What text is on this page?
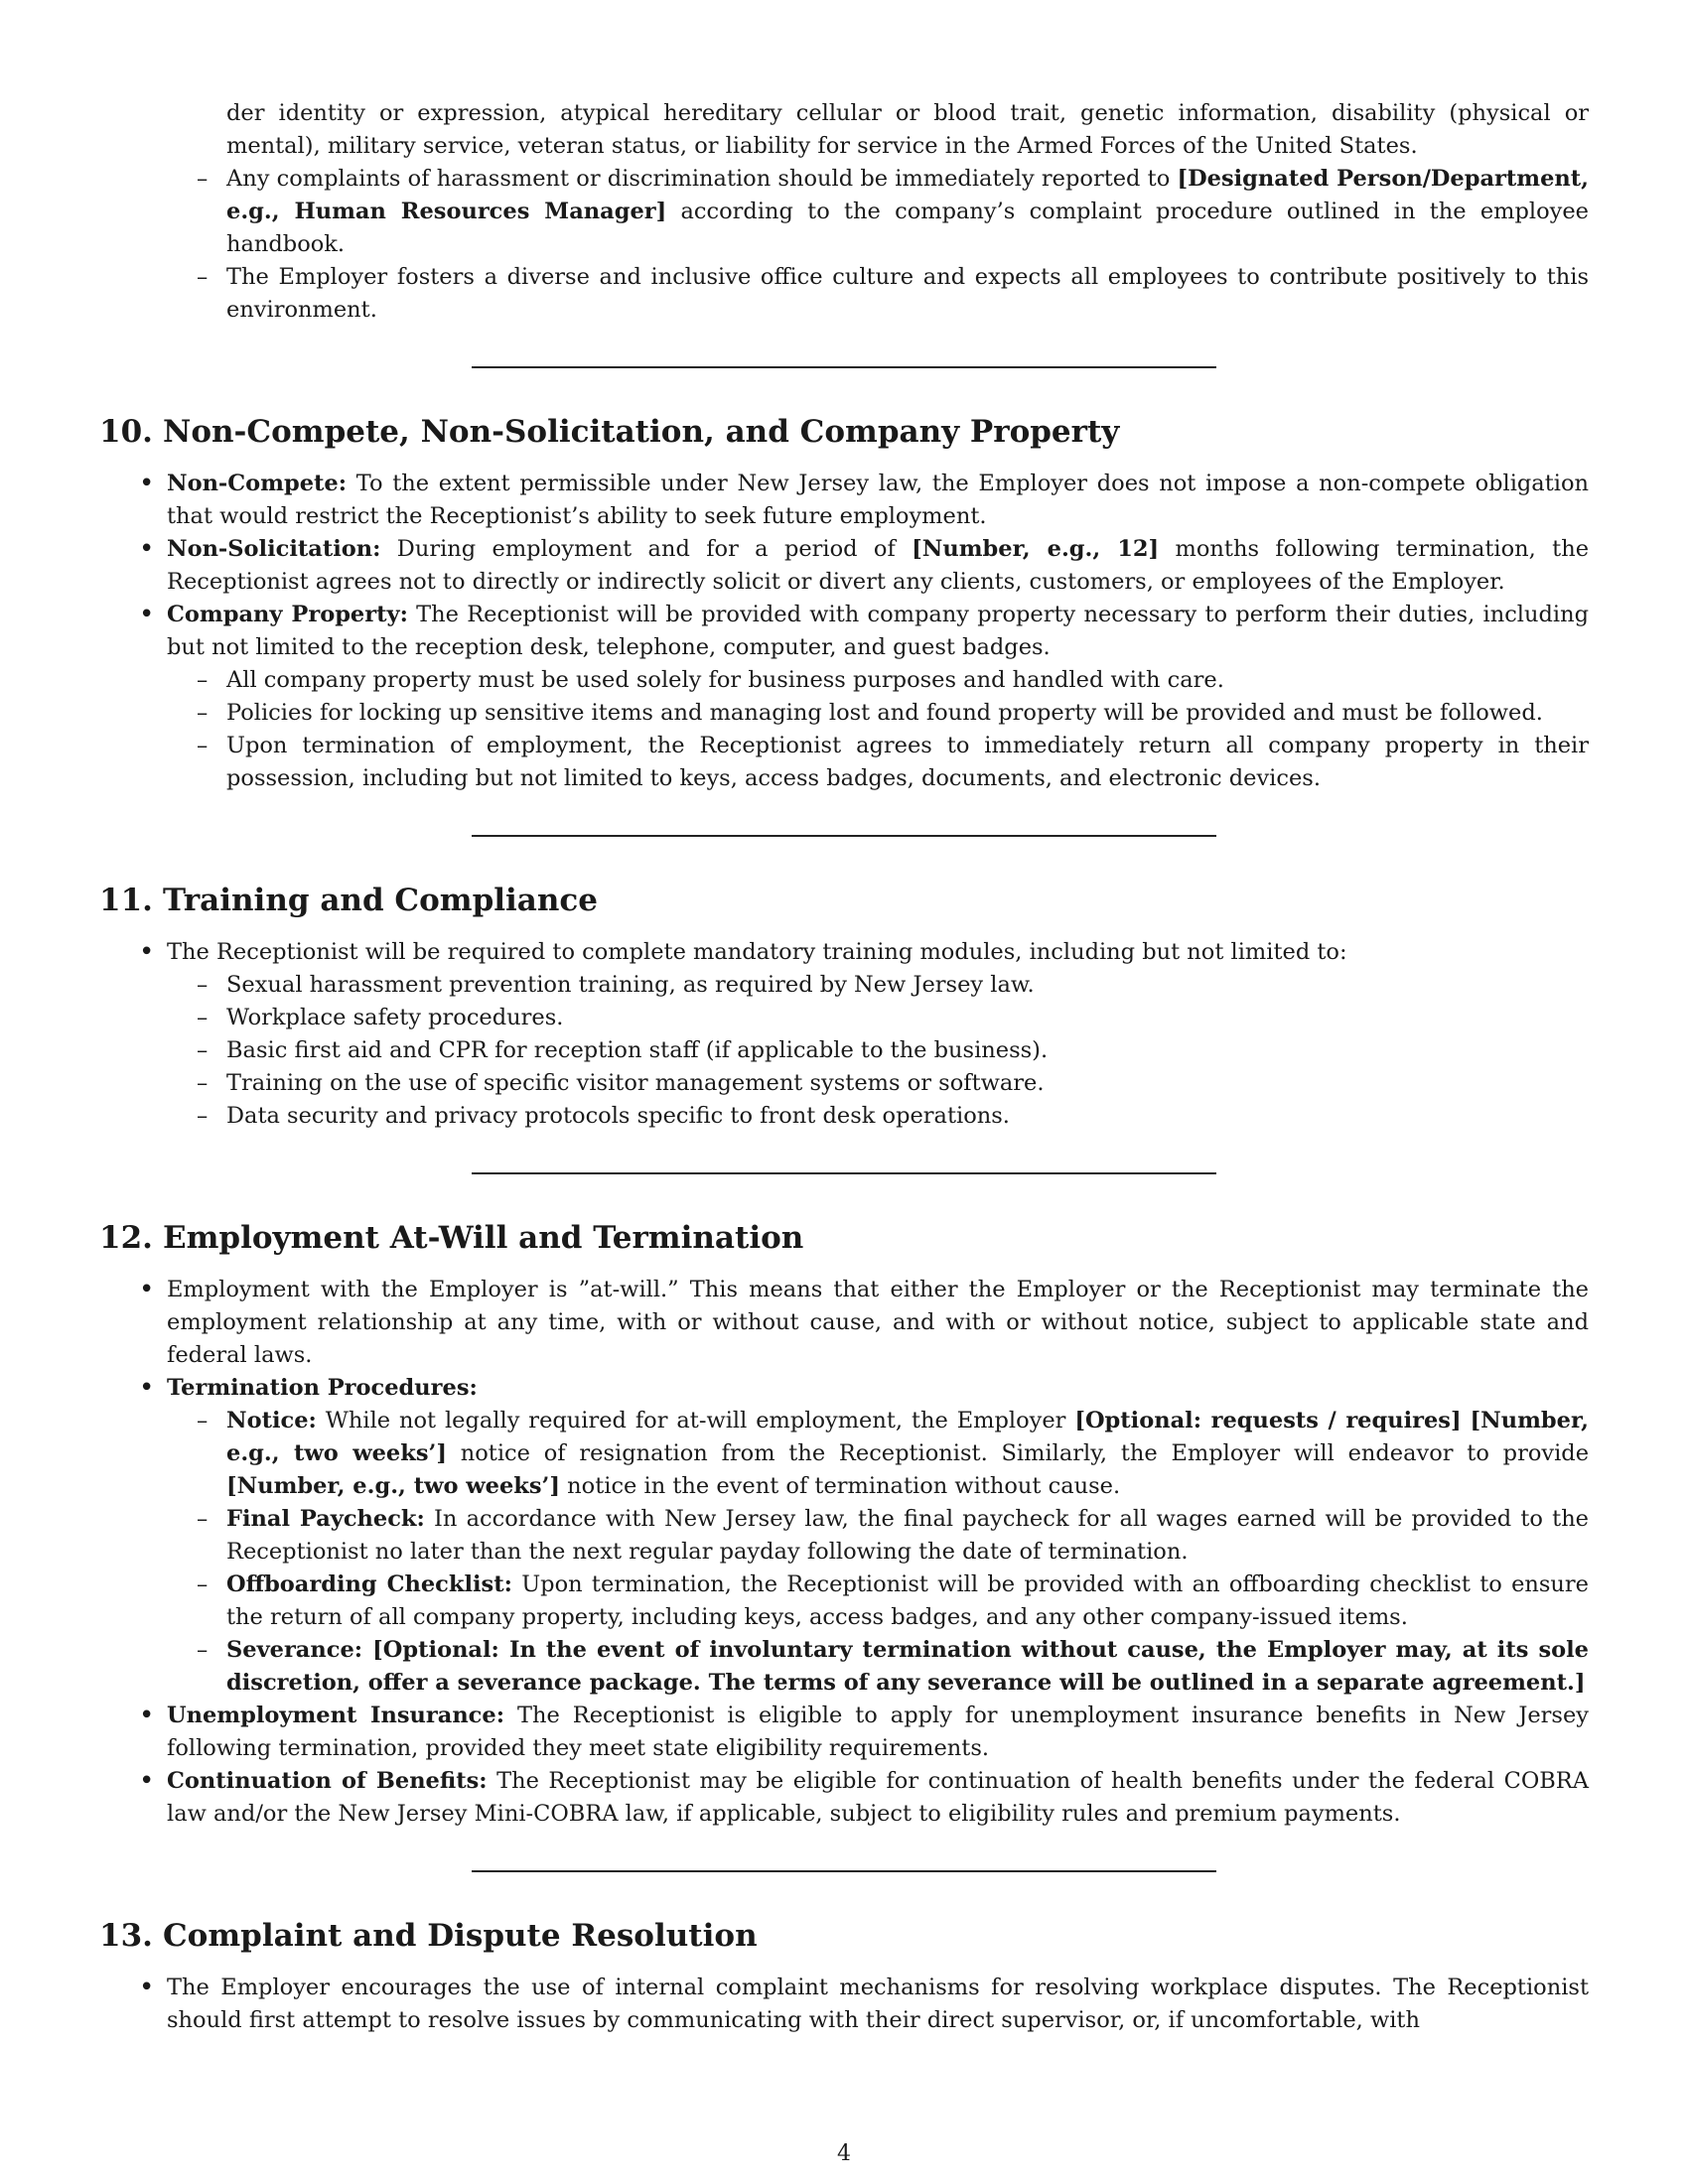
der identity or expression, atypical hereditary cellular or blood trait, genetic information, disability (physical or mental), military service, veteran status, or liability for service in the Armed Forces of the United States.
– Any complaints of harassment or discrimination should be immediately reported to [Designated Person/Department, e.g., Human Resources Manager] according to the company’s complaint procedure outlined in the employee handbook.
– The Employer fosters a diverse and inclusive office culture and expects all employees to contribute positively to this environment.
10. Non-Compete, Non-Solicitation, and Company Property
• Non-Compete: To the extent permissible under New Jersey law, the Employer does not impose a non-compete obligation that would restrict the Receptionist’s ability to seek future employment.
• Non-Solicitation: During employment and for a period of [Number, e.g., 12] months following termination, the Receptionist agrees not to directly or indirectly solicit or divert any clients, customers, or employees of the Employer.
• Company Property: The Receptionist will be provided with company property necessary to perform their duties, including but not limited to the reception desk, telephone, computer, and guest badges.
– All company property must be used solely for business purposes and handled with care.
– Policies for locking up sensitive items and managing lost and found property will be provided and must be followed.
– Upon termination of employment, the Receptionist agrees to immediately return all company property in their possession, including but not limited to keys, access badges, documents, and electronic devices.
11. Training and Compliance
• The Receptionist will be required to complete mandatory training modules, including but not limited to:
– Sexual harassment prevention training, as required by New Jersey law.
– Workplace safety procedures.
– Basic first aid and CPR for reception staff (if applicable to the business).
– Training on the use of specific visitor management systems or software.
– Data security and privacy protocols specific to front desk operations.
12. Employment At-Will and Termination
• Employment with the Employer is ”at-will.” This means that either the Employer or the Receptionist may terminate the employment relationship at any time, with or without cause, and with or without notice, subject to applicable state and federal laws.
• Termination Procedures:
– Notice: While not legally required for at-will employment, the Employer [Optional: requests / requires] [Number, e.g., two weeks’] notice of resignation from the Receptionist. Similarly, the Employer will endeavor to provide [Number, e.g., two weeks’] notice in the event of termination without cause.
– Final Paycheck: In accordance with New Jersey law, the final paycheck for all wages earned will be provided to the Receptionist no later than the next regular payday following the date of termination.
– Offboarding Checklist: Upon termination, the Receptionist will be provided with an offboarding checklist to ensure the return of all company property, including keys, access badges, and any other company-issued items.
– Severance: [Optional: In the event of involuntary termination without cause, the Employer may, at its sole discretion, offer a severance package. The terms of any severance will be outlined in a separate agreement.]
• Unemployment Insurance: The Receptionist is eligible to apply for unemployment insurance benefits in New Jersey following termination, provided they meet state eligibility requirements.
• Continuation of Benefits: The Receptionist may be eligible for continuation of health benefits under the federal COBRA law and/or the New Jersey Mini-COBRA law, if applicable, subject to eligibility rules and premium payments.
13. Complaint and Dispute Resolution
• The Employer encourages the use of internal complaint mechanisms for resolving workplace disputes. The Receptionist should first attempt to resolve issues by communicating with their direct supervisor, or, if uncomfortable, with
4
